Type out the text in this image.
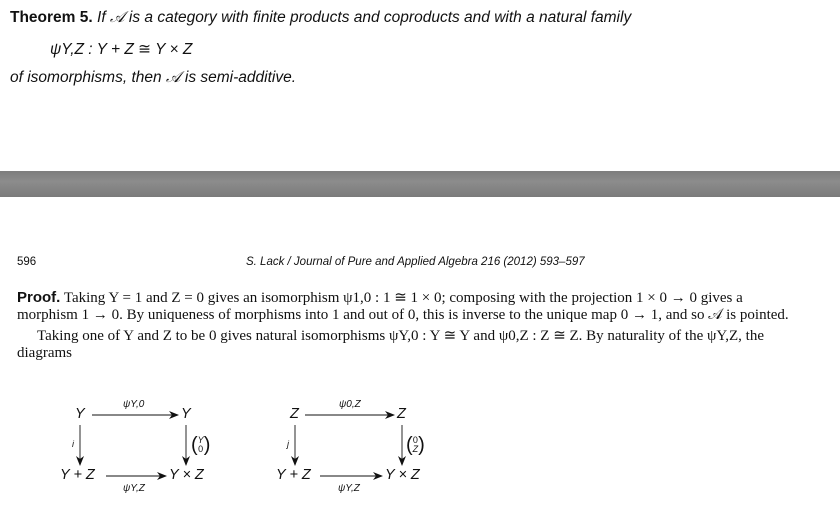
Theorem 5. If 𝒜 is a category with finite products and coproducts and with a natural family
ψY,Z : Y + Z ≅ Y × Z
of isomorphisms, then 𝒜 is semi-additive.
596	S. Lack / Journal of Pure and Applied Algebra 216 (2012) 593–597

Proof. Taking Y = 1 and Z = 0 gives an isomorphism ψ1,0 : 1 ≅ 1 × 0; composing with the projection 1 × 0 → 0 gives a morphism 1 → 0. By uniqueness of morphisms into 1 and out of 0, this is inverse to the unique map 0 → 1, and so 𝒜 is pointed.

Taking one of Y and Z to be 0 gives natural isomorphisms ψY,0 : Y ≅ Y and ψ0,Z : Z ≅ Z. By naturality of the ψY,Z, the diagrams

Y	Y
Y + Z	Y × Z
ψY,0
i	(Y
0)
ψY,Z
Z	Z
Y + Z	Y × Z
ψ0,Z
j	(0
Z)
ψY,Z
